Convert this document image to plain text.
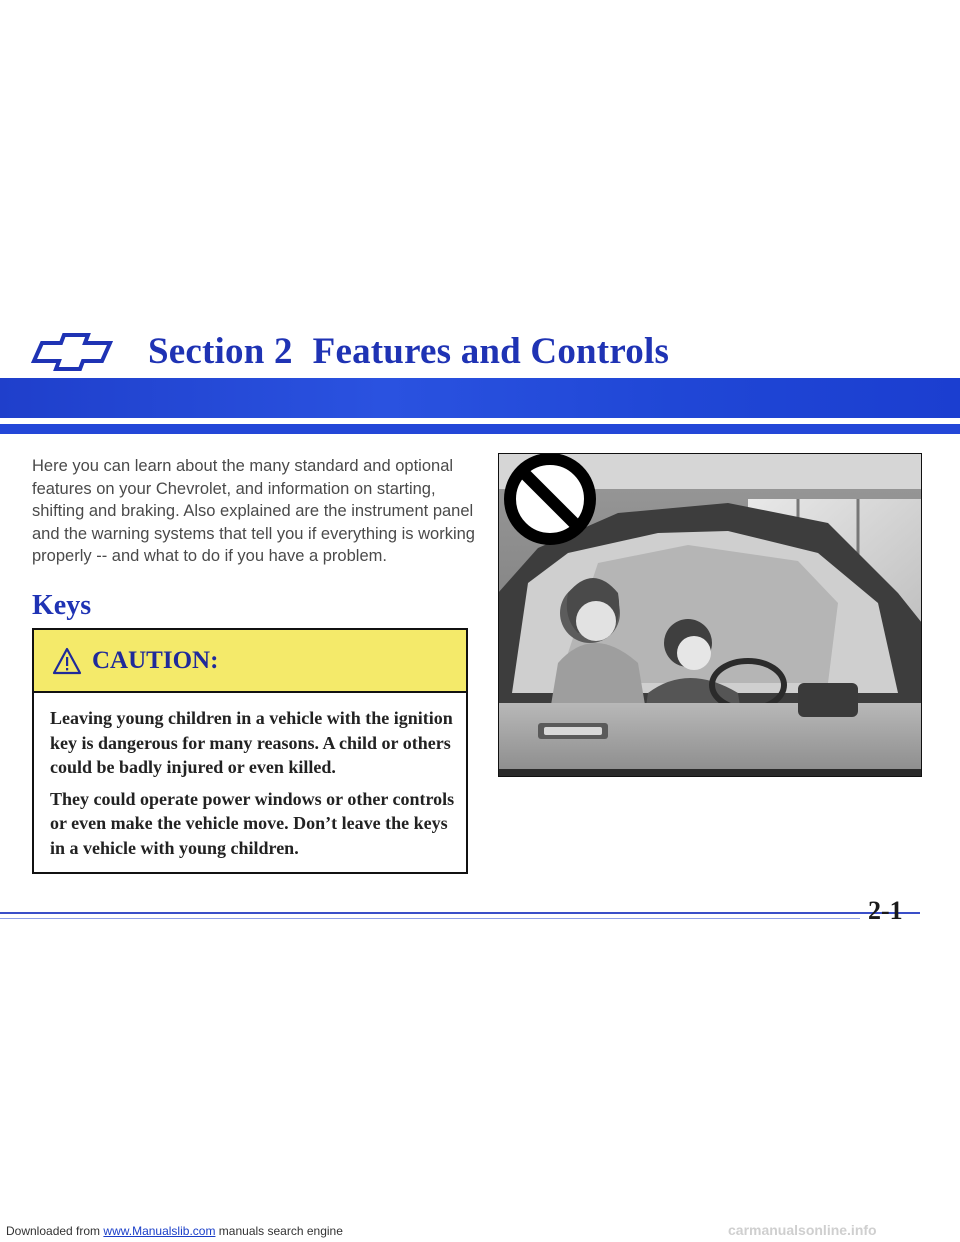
Section 2 Features and Controls
Here you can learn about the many standard and optional features on your Chevrolet, and information on starting, shifting and braking. Also explained are the instrument panel and the warning systems that tell you if everything is working properly -- and what to do if you have a problem.
Keys
CAUTION:

Leaving young children in a vehicle with the ignition key is dangerous for many reasons. A child or others could be badly injured or even killed.

They could operate power windows or other controls or even make the vehicle move. Don’t leave the keys in a vehicle with young children.

2-1
Downloaded from www.Manualslib.com manuals search engine	carmanualsonline.info
